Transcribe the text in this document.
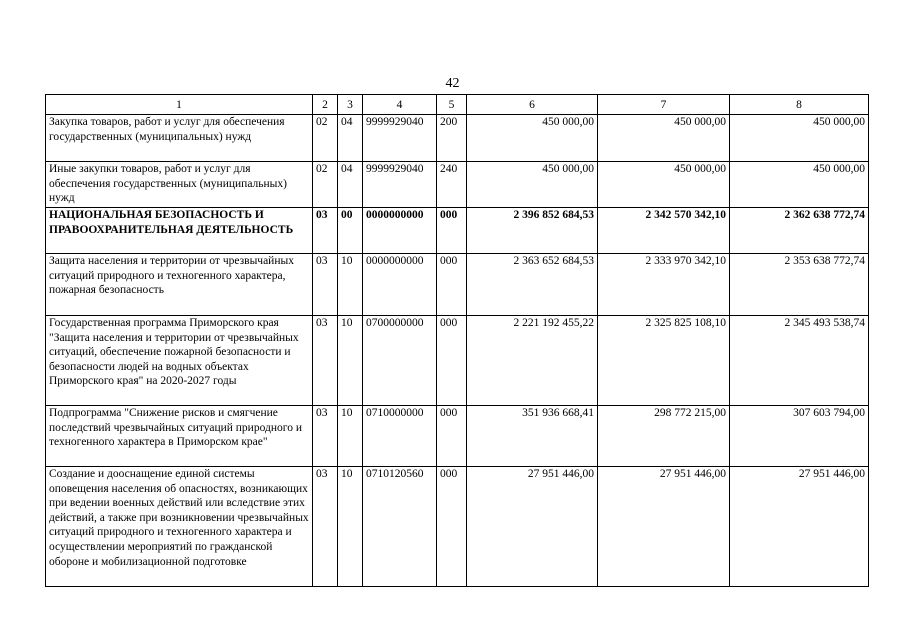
42
1	2	3	4	5	6	7	8
Закупка товаров, работ и услуг для обеспечения государственных (муниципальных) нужд	02	04	9999929040	200	450 000,00	450 000,00	450 000,00
Иные закупки товаров, работ и услуг для обеспечения государственных (муниципальных) нужд	02	04	9999929040	240	450 000,00	450 000,00	450 000,00
НАЦИОНАЛЬНАЯ БЕЗОПАСНОСТЬ И ПРАВООХРАНИТЕЛЬНАЯ ДЕЯТЕЛЬНОСТЬ	03	00	0000000000	000	2 396 852 684,53	2 342 570 342,10	2 362 638 772,74
Защита населения и территории от чрезвычайных ситуаций природного и техногенного характера, пожарная безопасность	03	10	0000000000	000	2 363 652 684,53	2 333 970 342,10	2 353 638 772,74
Государственная программа Приморского края "Защита населения и территории от чрезвычайных ситуаций, обеспечение пожарной безопасности и безопасности людей на водных объектах Приморского края" на 2020-2027 годы	03	10	0700000000	000	2 221 192 455,22	2 325 825 108,10	2 345 493 538,74
Подпрограмма "Снижение рисков и смягчение последствий чрезвычайных ситуаций природного и техногенного характера в Приморском крае"	03	10	0710000000	000	351 936 668,41	298 772 215,00	307 603 794,00
Создание и дооснащение единой системы оповещения населения об опасностях, возникающих при ведении военных действий или вследствие этих действий, а также при возникновении чрезвычайных ситуаций природного и техногенного характера и осуществлении мероприятий по гражданской обороне и мобилизационной подготовке	03	10	0710120560	000	27 951 446,00	27 951 446,00	27 951 446,00
